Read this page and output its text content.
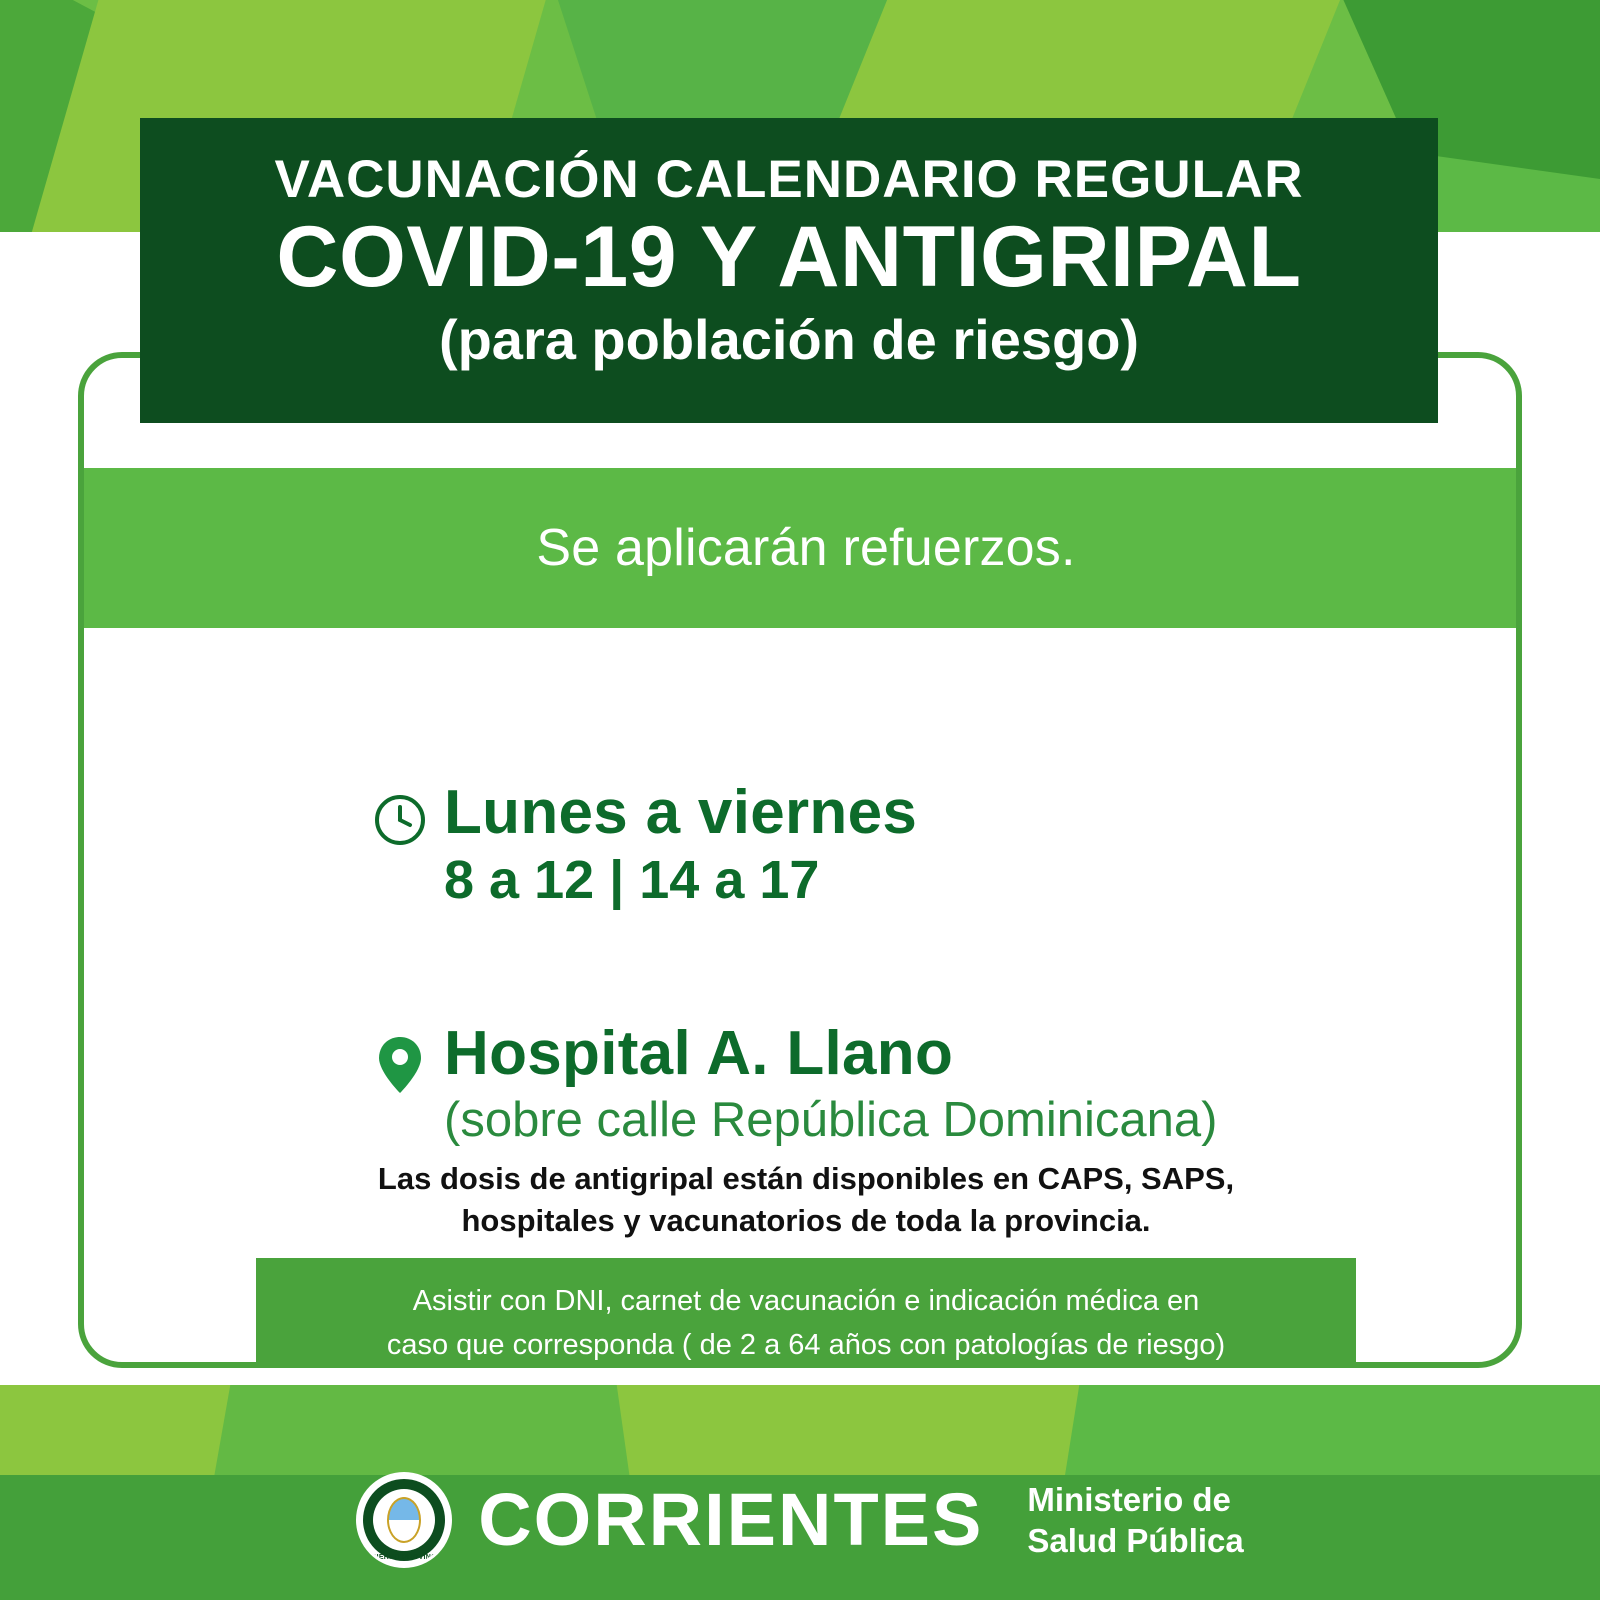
Se aplicarán refuerzos.
Lunes a viernes
8 a 12 | 14 a 17
Hospital A. Llano
(sobre calle República Dominicana)
Las dosis de antigripal están disponibles en CAPS, SAPS,
hospitales y vacunatorios de toda la provincia.
Asistir con DNI, carnet de vacunación e indicación médica en
caso que corresponda ( de 2 a 64 años con patologías de riesgo)
VACUNACIÓN CALENDARIO REGULAR
COVID-19 Y ANTIGRIPAL
(para población de riesgo)
GOBIERNO PROVINCIAL CORRIENTES Ministerio de
Salud Pública
